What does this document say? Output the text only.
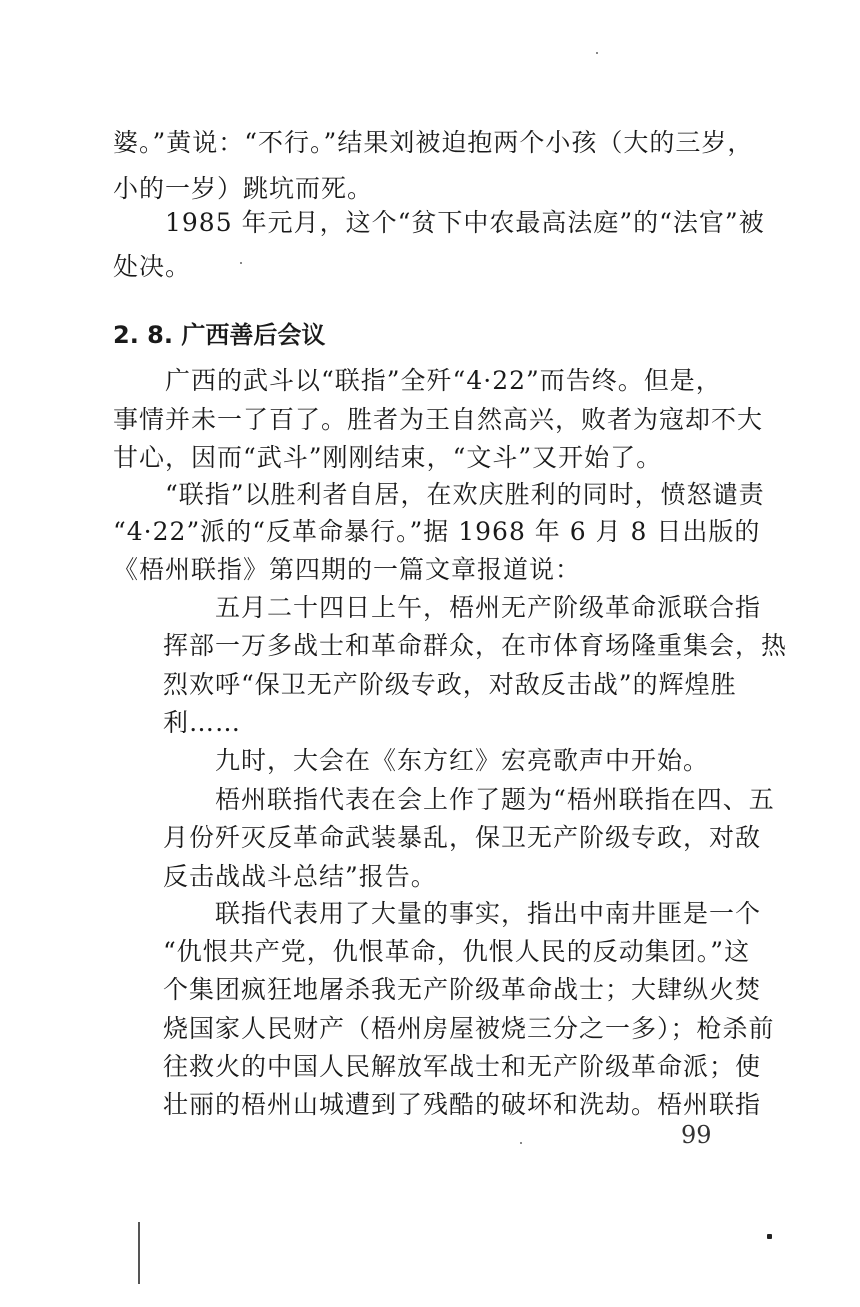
婆。”黄说：“不行。”结果刘被迫抱两个小孩（大的三岁，
小的一岁）跳坑而死。
1985 年元月，这个“贫下中农最高法庭”的“法官”被
处决。
2. 8. 广西善后会议
广西的武斗以“联指”全歼“4·22”而告终。但是，
事情并未一了百了。胜者为王自然高兴，败者为寇却不大
甘心，因而“武斗”刚刚结束，“文斗”又开始了。
“联指”以胜利者自居，在欢庆胜利的同时，愤怒谴责
“4·22”派的“反革命暴行。”据 1968 年 6 月 8 日出版的
《梧州联指》第四期的一篇文章报道说：
五月二十四日上午，梧州无产阶级革命派联合指
挥部一万多战士和革命群众，在市体育场隆重集会，热
烈欢呼“保卫无产阶级专政，对敌反击战”的辉煌胜
利……
九时，大会在《东方红》宏亮歌声中开始。
梧州联指代表在会上作了题为“梧州联指在四、五
月份歼灭反革命武装暴乱，保卫无产阶级专政，对敌
反击战战斗总结”报告。
联指代表用了大量的事实，指出中南井匪是一个
“仇恨共产党，仇恨革命，仇恨人民的反动集团。”这
个集团疯狂地屠杀我无产阶级革命战士；大肆纵火焚
烧国家人民财产（梧州房屋被烧三分之一多）；枪杀前
往救火的中国人民解放军战士和无产阶级革命派；使
壮丽的梧州山城遭到了残酷的破坏和洗劫。梧州联指
99
